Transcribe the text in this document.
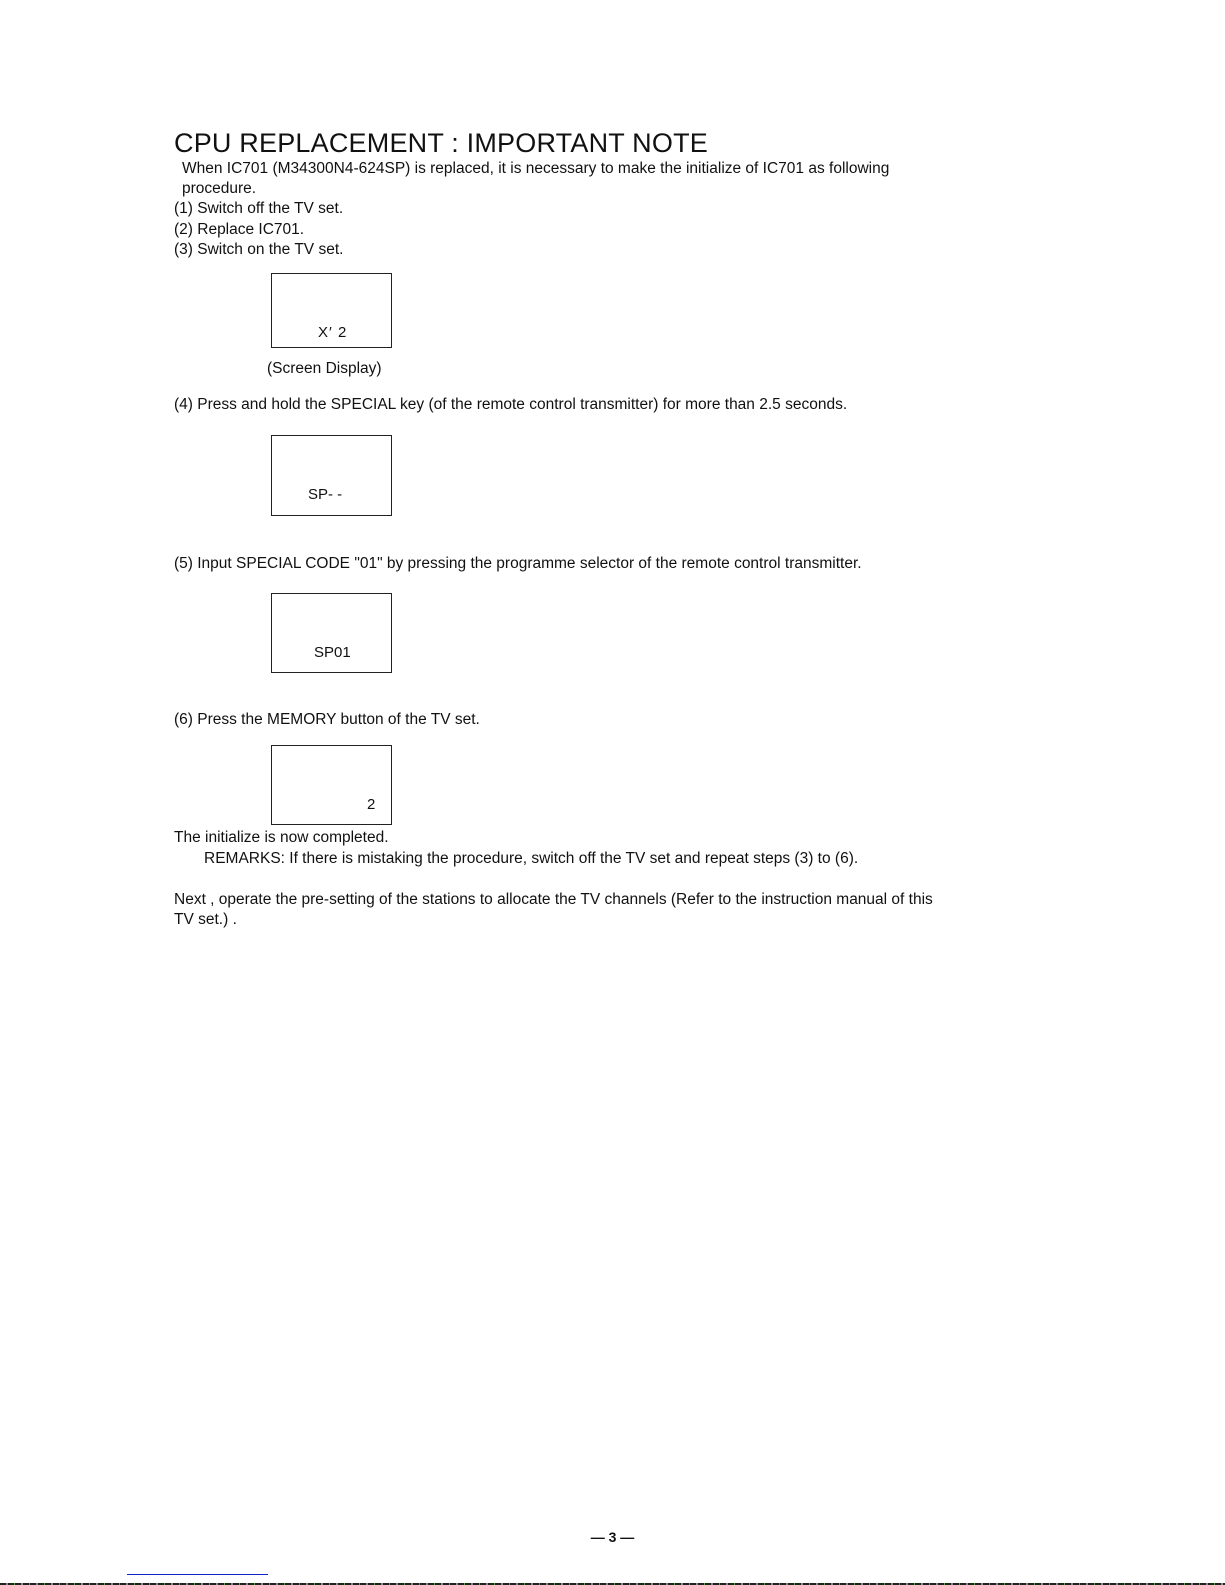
CPU REPLACEMENT : IMPORTANT NOTE
When IC701 (M34300N4-624SP) is replaced, it is necessary to make the initialize of IC701 as following
procedure.
(1) Switch off the TV set.
(2) Replace IC701.
(3) Switch on the TV set.
X′ 2
(Screen Display)
(4) Press and hold the SPECIAL key (of the remote control transmitter) for more than 2.5 seconds.
SP- -
(5) Input SPECIAL CODE "01" by pressing the programme selector of the remote control transmitter.
SP01
(6) Press the MEMORY button of the TV set.
2
The initialize is now completed.
REMARKS: If there is mistaking the procedure, switch off the TV set and repeat steps (3) to (6).
Next , operate the pre-setting of the stations to allocate the TV channels (Refer to the instruction manual of this
TV set.) .
— 3 —
